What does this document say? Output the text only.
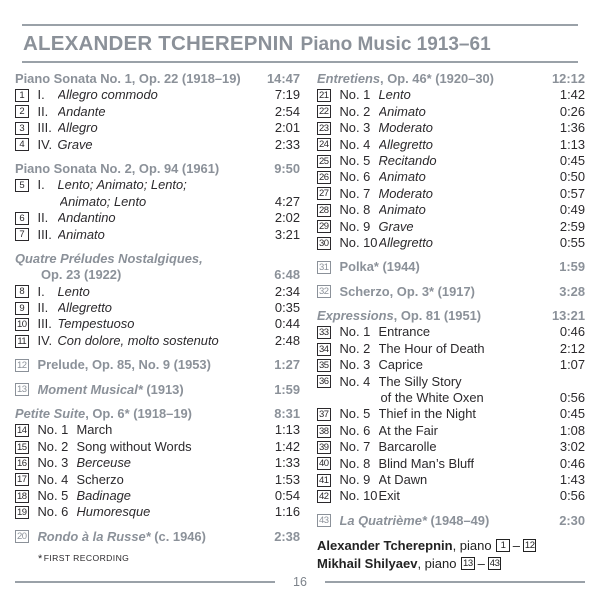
ALEXANDER TCHEREPNIN Piano Music 1913–61
Piano Sonata No. 1, Op. 22 (1918–19)	14:47
1	I. Allegro commodo	7:19
2	II. Andante	2:54
3	III. Allegro	2:01
4	IV. Grave	2:33
Piano Sonata No. 2, Op. 94 (1961)	9:50
5	I. Lento; Animato; Lento;
Animato; Lento	4:27
6	II. Andantino	2:02
7	III. Animato	3:21
Quatre Préludes Nostalgiques,
Op. 23 (1922)	6:48
8	I. Lento	2:34
9	II. Allegretto	0:35
10 III. Tempestuoso	0:44
11 IV. Con dolore, molto sostenuto	2:48
12 Prelude, Op. 85, No. 9 (1953)	1:27
13 Moment Musical* (1913)	1:59
Petite Suite, Op. 6* (1918–19)	8:31
14 No. 1 March	1:13
15 No. 2 Song without Words	1:42
16 No. 3 Berceuse	1:33
17 No. 4 Scherzo	1:53
18 No. 5 Badinage	0:54
19 No. 6 Humoresque	1:16
20 Rondo à la Russe* (c. 1946)	2:38
*FIRST RECORDING
Entretiens, Op. 46* (1920–30)	12:12
21 No. 1 Lento	1:42
22 No. 2 Animato	0:26
23 No. 3 Moderato	1:36
24 No. 4 Allegretto	1:13
25 No. 5 Recitando	0:45
26 No. 6 Animato	0:50
27 No. 7 Moderato	0:57
28 No. 8 Animato	0:49
29 No. 9 Grave	2:59
30 No. 10 Allegretto	0:55
31 Polka* (1944)	1:59
32 Scherzo, Op. 3* (1917)	3:28
Expressions, Op. 81 (1951)	13:21
33 No. 1 Entrance	0:46
34 No. 2 The Hour of Death	2:12
35 No. 3 Caprice	1:07
36 No. 4 The Silly Story
of the White Oxen	0:56
37 No. 5 Thief in the Night	0:45
38 No. 6 At the Fair	1:08
39 No. 7 Barcarolle	3:02
40 No. 8 Blind Man’s Bluff	0:46
41 No. 9 At Dawn	1:43
42 No. 10 Exit	0:56
43 La Quatrième* (1948–49)	2:30
Alexander Tcherepnin , piano 1 – 12
Mikhail Shilyaev , piano 13 – 43
16
